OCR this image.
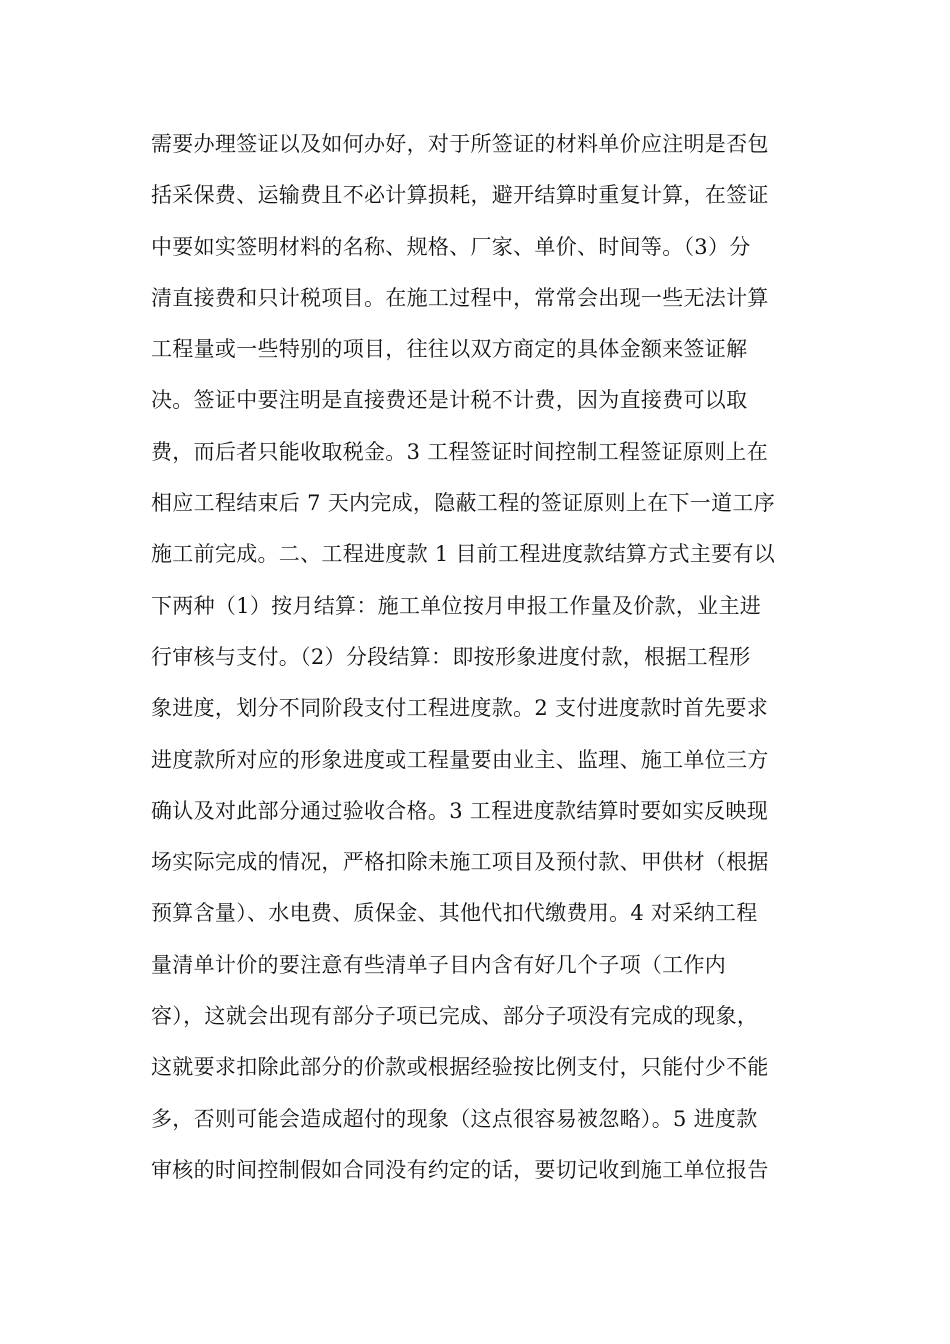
需要办理签证以及如何办好，对于所签证的材料单价应注明是否包
括采保费、运输费且不必计算损耗，避开结算时重复计算，在签证
中要如实签明材料的名称、规格、厂家、单价、时间等。（3）分
清直接费和只计税项目。在施工过程中，常常会出现一些无法计算
工程量或一些特别的项目，往往以双方商定的具体金额来签证解
决。签证中要注明是直接费还是计税不计费，因为直接费可以取
费，而后者只能收取税金。3 工程签证时间控制工程签证原则上在
相应工程结束后 7 天内完成，隐蔽工程的签证原则上在下一道工序
施工前完成。二、工程进度款 1 目前工程进度款结算方式主要有以
下两种（1）按月结算：施工单位按月申报工作量及价款，业主进
行审核与支付。（2）分段结算：即按形象进度付款，根据工程形
象进度，划分不同阶段支付工程进度款。2 支付进度款时首先要求
进度款所对应的形象进度或工程量要由业主、监理、施工单位三方
确认及对此部分通过验收合格。3 工程进度款结算时要如实反映现
场实际完成的情况，严格扣除未施工项目及预付款、甲供材（根据
预算含量）、水电费、质保金、其他代扣代缴费用。4 对采纳工程
量清单计价的要注意有些清单子目内含有好几个子项（工作内
容），这就会出现有部分子项已完成、部分子项没有完成的现象，
这就要求扣除此部分的价款或根据经验按比例支付，只能付少不能
多，否则可能会造成超付的现象（这点很容易被忽略）。5 进度款
审核的时间控制假如合同没有约定的话，要切记收到施工单位报告
